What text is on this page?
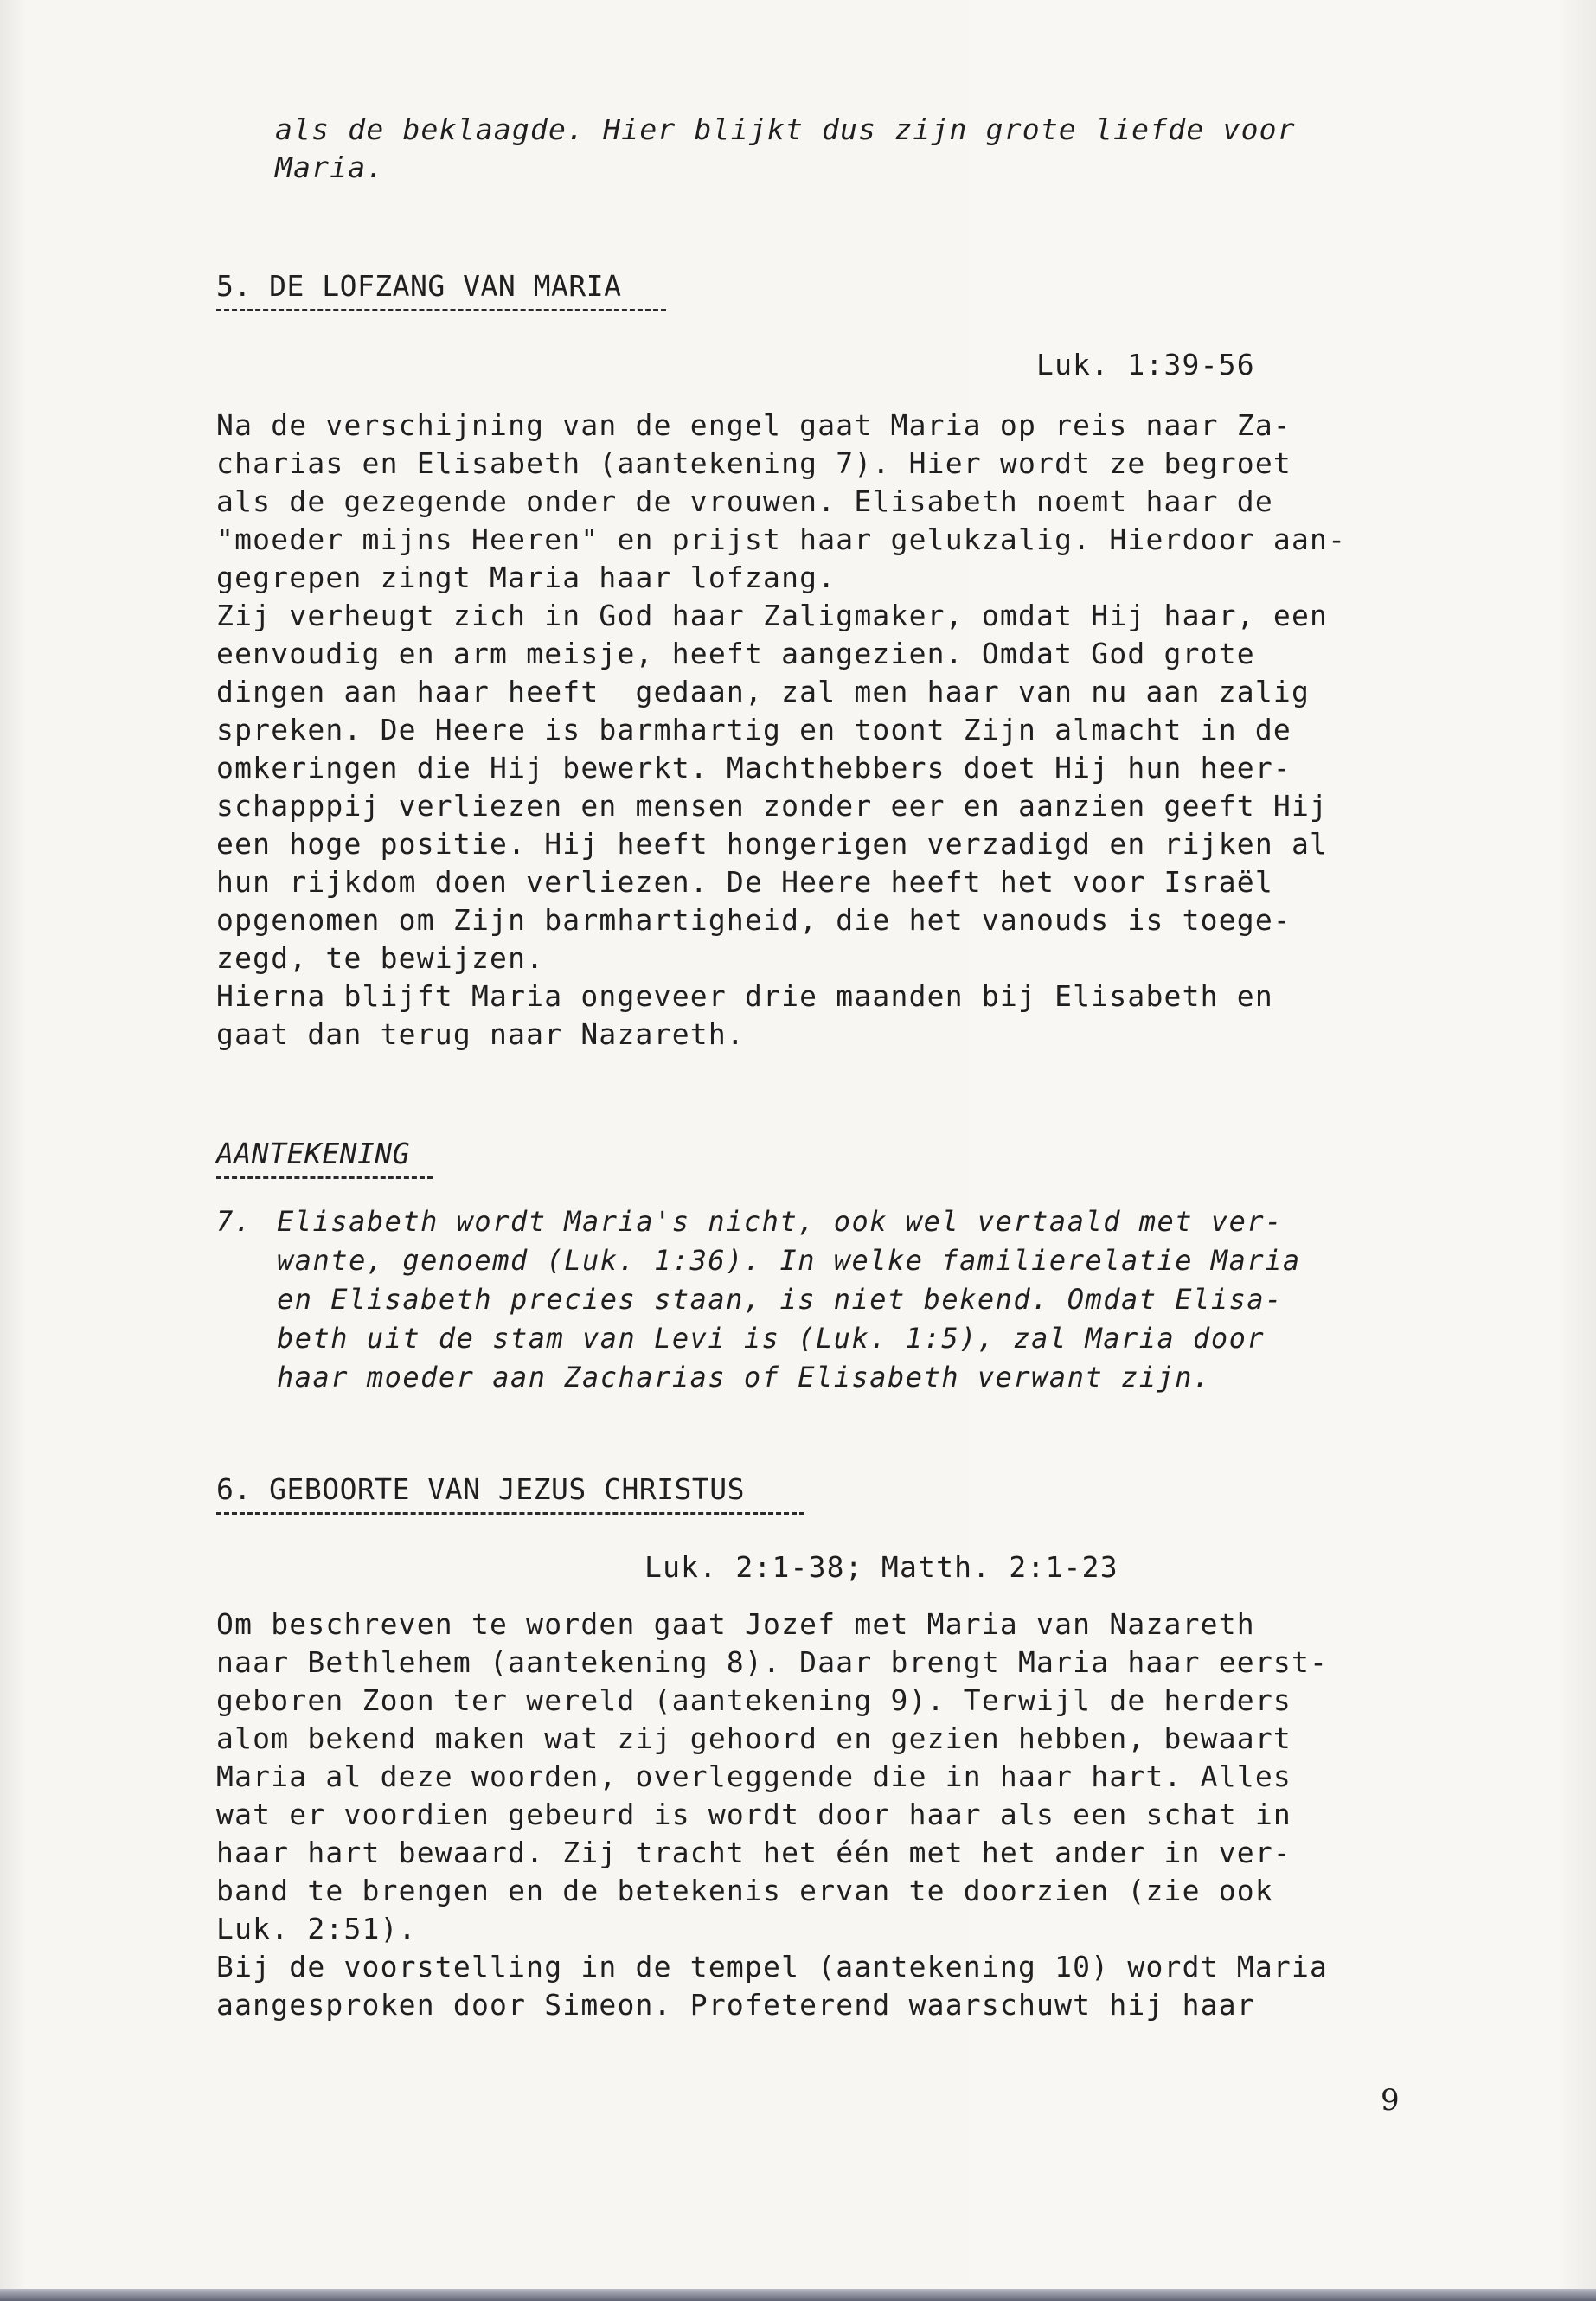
als de beklaagde. Hier blijkt dus zijn grote liefde voor

Maria.

5. DE LOFZANG VAN MARIA

Luk. 1:39-56

Na de verschijning van de engel gaat Maria op reis naar Za-

charias en Elisabeth (aantekening 7). Hier wordt ze begroet

als de gezegende onder de vrouwen. Elisabeth noemt haar de

"moeder mijns Heeren" en prijst haar gelukzalig. Hierdoor aan-

gegrepen zingt Maria haar lofzang.

Zij verheugt zich in God haar Zaligmaker, omdat Hij haar, een

eenvoudig en arm meisje, heeft aangezien. Omdat God grote

dingen aan haar heeft  gedaan, zal men haar van nu aan zalig

spreken. De Heere is barmhartig en toont Zijn almacht in de

omkeringen die Hij bewerkt. Machthebbers doet Hij hun heer-

schapppij verliezen en mensen zonder eer en aanzien geeft Hij

een hoge positie. Hij heeft hongerigen verzadigd en rijken al

hun rijkdom doen verliezen. De Heere heeft het voor Israël

opgenomen om Zijn barmhartigheid, die het vanouds is toege-

zegd, te bewijzen.

Hierna blijft Maria ongeveer drie maanden bij Elisabeth en

gaat dan terug naar Nazareth.

AANTEKENING

7. Elisabeth wordt Maria's nicht, ook wel vertaald met ver-

wante, genoemd (Luk. 1:36). In welke familierelatie Maria

en Elisabeth precies staan, is niet bekend. Omdat Elisa-

beth uit de stam van Levi is (Luk. 1:5), zal Maria door

haar moeder aan Zacharias of Elisabeth verwant zijn.

6. GEBOORTE VAN JEZUS CHRISTUS

Luk. 2:1-38; Matth. 2:1-23

Om beschreven te worden gaat Jozef met Maria van Nazareth

naar Bethlehem (aantekening 8). Daar brengt Maria haar eerst-

geboren Zoon ter wereld (aantekening 9). Terwijl de herders

alom bekend maken wat zij gehoord en gezien hebben, bewaart

Maria al deze woorden, overleggende die in haar hart. Alles

wat er voordien gebeurd is wordt door haar als een schat in

haar hart bewaard. Zij tracht het één met het ander in ver-

band te brengen en de betekenis ervan te doorzien (zie ook

Luk. 2:51).

Bij de voorstelling in de tempel (aantekening 10) wordt Maria

aangesproken door Simeon. Profeterend waarschuwt hij haar

9
